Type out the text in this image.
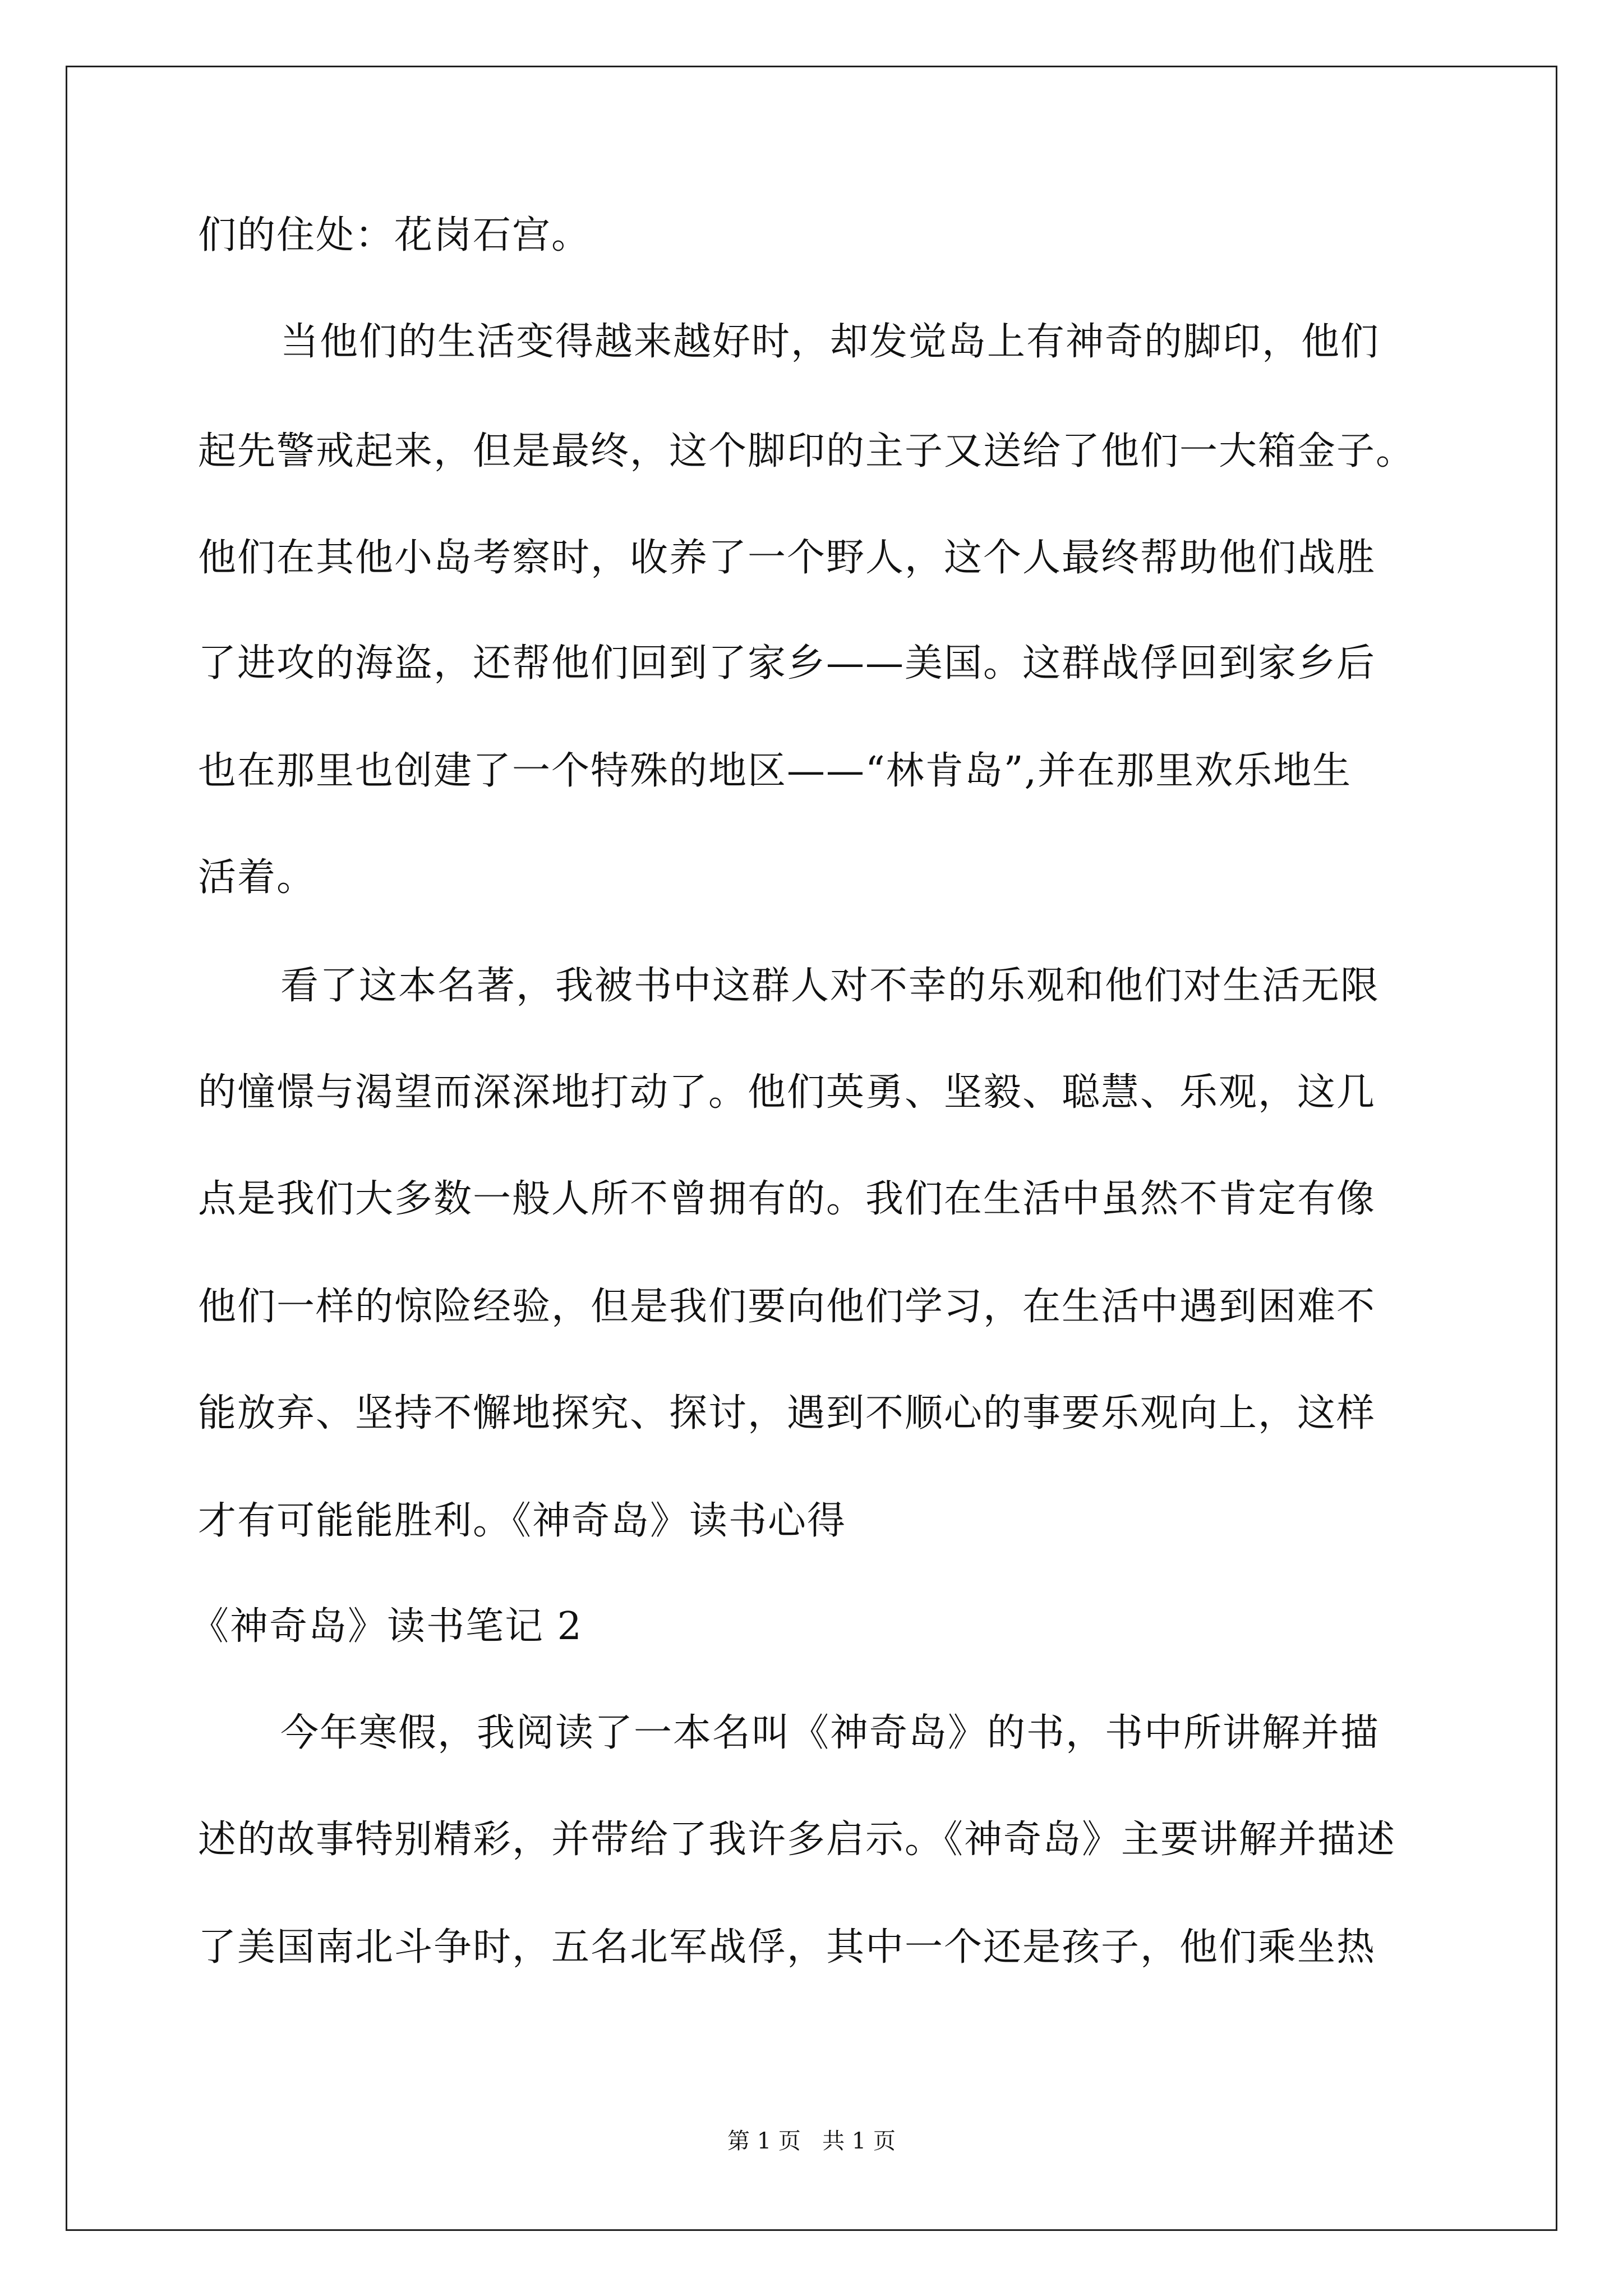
们的住处：花岗石宫。
当他们的生活变得越来越好时，却发觉岛上有神奇的脚印，他们
起先警戒起来，但是最终，这个脚印的主子又送给了他们一大箱金子。
他们在其他小岛考察时，收养了一个野人，这个人最终帮助他们战胜
了进攻的海盗，还帮他们回到了家乡——美国。这群战俘回到家乡后
也在那里也创建了一个特殊的地区——“林肯岛”,并在那里欢乐地生
活着。
看了这本名著，我被书中这群人对不幸的乐观和他们对生活无限
的憧憬与渴望而深深地打动了。他们英勇、坚毅、聪慧、乐观，这几
点是我们大多数一般人所不曾拥有的。我们在生活中虽然不肯定有像
他们一样的惊险经验，但是我们要向他们学习，在生活中遇到困难不
能放弃、坚持不懈地探究、探讨，遇到不顺心的事要乐观向上，这样
才有可能能胜利。《神奇岛》读书心得
《神奇岛》读书笔记 2
今年寒假，我阅读了一本名叫《神奇岛》的书，书中所讲解并描
述的故事特别精彩，并带给了我许多启示。《神奇岛》主要讲解并描述
了美国南北斗争时，五名北军战俘，其中一个还是孩子，他们乘坐热
第 1 页   共 1 页
